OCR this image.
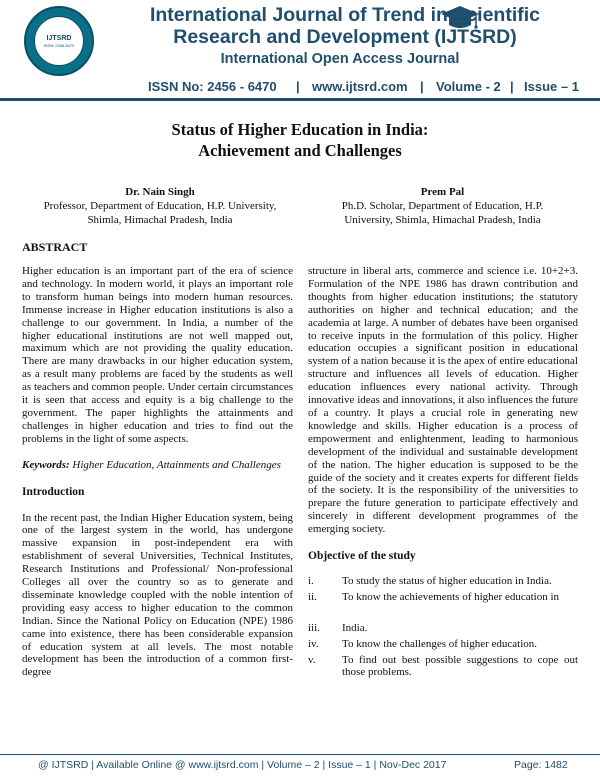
IJTSRD
ISSN: 2456-6470
International Journal of Trend in Scientific
Research and Development (IJTSRD)
International Open Access Journal
ISSN No: 2456 - 6470 | www.ijtsrd.com | Volume - 2 | Issue – 1
Status of Higher Education in India:
Achievement and Challenges
Dr. Nain Singh
Professor, Department of Education, H.P. University,
Shimla, Himachal Pradesh, India
Prem Pal
Ph.D. Scholar, Department of Education, H.P.
University, Shimla, Himachal Pradesh, India
ABSTRACT

Higher education is an important part of the era of science and technology. In modern world, it plays an important role to transform human beings into modern human resources. Immense increase in Higher education institutions is also a challenge to our government. In India, a number of the higher educational institutions are not well mapped out, maximum which are not providing the quality education. There are many drawbacks in our higher education system, as a result many problems are faced by the students as well as teachers and common people. Under certain circumstances it is seen that access and equity is a big challenge to the government. The paper highlights the attainments and challenges in higher education and tries to find out the problems in the light of some aspects.

Keywords: Higher Education, Attainments and Challenges

Introduction

In the recent past, the Indian Higher Education system, being one of the largest system in the world, has undergone massive expansion in post-independent era with establishment of several Universities, Technical Institutes, Research Institutions and Professional/ Non-professional Colleges all over the country so as to generate and disseminate knowledge coupled with the noble intention of providing easy access to higher education to the common Indian. Since the National Policy on Education (NPE) 1986 came into existence, there has been considerable expansion of education system at all levels. The most notable development has been the introduction of a common first-degree

structure in liberal arts, commerce and science i.e. 10+2+3. Formulation of the NPE 1986 has drawn contribution and thoughts from higher education institutions; the statutory authorities on higher and technical education; and the academia at large. A number of debates have been organised to receive inputs in the formulation of this policy. Higher education occupies a significant position in educational system of a nation because it is the apex of entire educational structure and influences all levels of education. Higher education influences every national activity. Through innovative ideas and innovations, it also influences the future of a country. It plays a crucial role in generating new knowledge and skills. Higher education is a process of empowerment and enlightenment, leading to harmonious development of the individual and sustainable development of the nation. The higher education is supposed to be the guide of the society and it creates experts for different fields of the society. It is the responsibility of the universities to prepare the future generation to participate effectively and sincerely in different development programmes of the emerging society.

Objective of the study

i.	To study the status of higher education in India.

ii.	To know the achievements of higher education in

iii.	India.

iv.	To know the challenges of higher education.

v.	To find out best possible suggestions to cope out those problems.

@ IJTSRD | Available Online @ www.ijtsrd.com | Volume – 2 | Issue – 1 | Nov-Dec 2017	Page: 1482
